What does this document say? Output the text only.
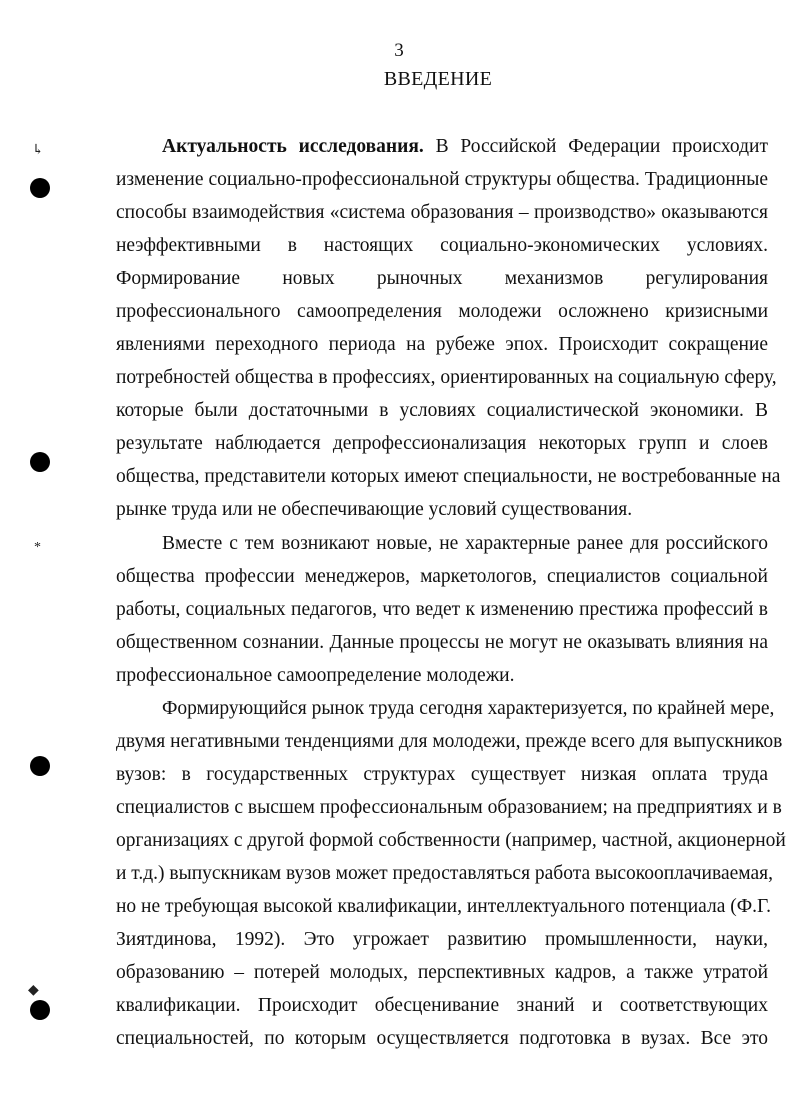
3
ВВЕДЕНИЕ
Актуальность исследования. В Российской Федерации происходит
изменение социально-профессиональной структуры общества. Традиционные
способы взаимодействия «система образования – производство» оказываются
неэффективными в настоящих социально-экономических условиях.
Формирование новых рыночных механизмов регулирования
профессионального самоопределения молодежи осложнено кризисными
явлениями переходного периода на рубеже эпох. Происходит сокращение
потребностей общества в профессиях, ориентированных на социальную сферу,
которые были достаточными в условиях социалистической экономики. В
результате наблюдается депрофессионализация некоторых групп и слоев
общества, представители которых имеют специальности, не востребованные на
рынке труда или не обеспечивающие условий существования.
Вместе с тем возникают новые, не характерные ранее для российского
общества профессии менеджеров, маркетологов, специалистов социальной
работы, социальных педагогов, что ведет к изменению престижа профессий в
общественном сознании. Данные процессы не могут не оказывать влияния на
профессиональное самоопределение молодежи.
Формирующийся рынок труда сегодня характеризуется, по крайней мере,
двумя негативными тенденциями для молодежи, прежде всего для выпускников
вузов: в государственных структурах существует низкая оплата труда
специалистов с высшем профессиональным образованием; на предприятиях и в
организациях с другой формой собственности (например, частной, акционерной
и т.д.) выпускникам вузов может предоставляться работа высокооплачиваемая,
но не требующая высокой квалификации, интеллектуального потенциала (Ф.Г.
Зиятдинова, 1992). Это угрожает развитию промышленности, науки,
образованию – потерей молодых, перспективных кадров, а также утратой
квалификации. Происходит обесценивание знаний и соответствующих
специальностей, по которым осуществляется подготовка в вузах. Все это
↳
*
◆
